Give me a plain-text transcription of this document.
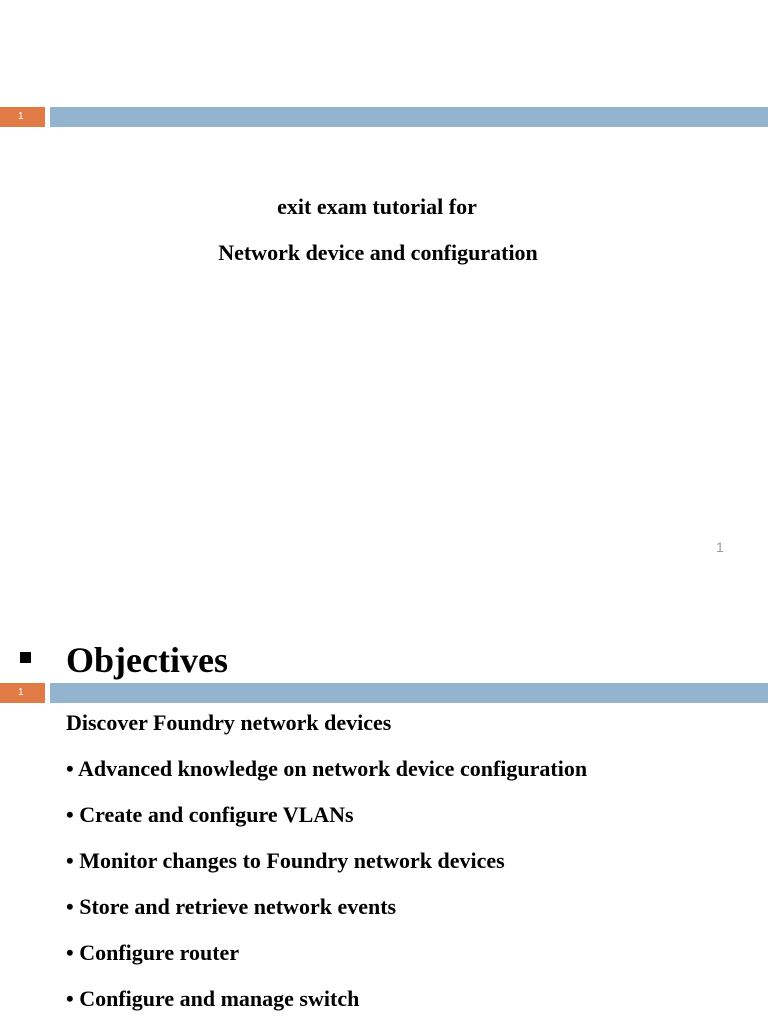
1
exit exam tutorial for
Network device and configuration
1
Objectives
1
Discover Foundry network devices
• Advanced knowledge on network device configuration
• Create and configure VLANs
• Monitor changes to Foundry network devices
• Store and retrieve network events
• Configure router
• Configure and manage switch
